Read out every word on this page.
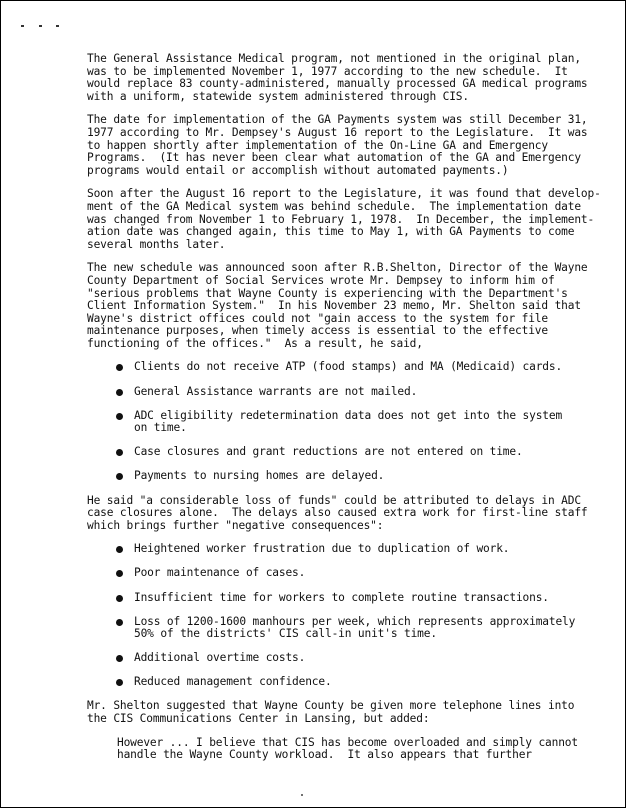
The General Assistance Medical program, not mentioned in the original plan,
was to be implemented November 1, 1977 according to the new schedule.  It
would replace 83 county-administered, manually processed GA medical programs
with a uniform, statewide system administered through CIS.

The date for implementation of the GA Payments system was still December 31,
1977 according to Mr. Dempsey's August 16 report to the Legislature.  It was
to happen shortly after implementation of the On-Line GA and Emergency
Programs.  (It has never been clear what automation of the GA and Emergency
programs would entail or accomplish without automated payments.)

Soon after the August 16 report to the Legislature, it was found that develop-
ment of the GA Medical system was behind schedule.  The implementation date
was changed from November 1 to February 1, 1978.  In December, the implement-
ation date was changed again, this time to May 1, with GA Payments to come
several months later.

The new schedule was announced soon after R.B.Shelton, Director of the Wayne
County Department of Social Services wrote Mr. Dempsey to inform him of
"serious problems that Wayne County is experiencing with the Department's
Client Information System."  In his November 23 memo, Mr. Shelton said that
Wayne's district offices could not "gain access to the system for file
maintenance purposes, when timely access is essential to the effective
functioning of the offices."  As a result, he said,

Clients do not receive ATP (food stamps) and MA (Medicaid) cards.
General Assistance warrants are not mailed.
ADC eligibility redetermination data does not get into the system
on time.
Case closures and grant reductions are not entered on time.
Payments to nursing homes are delayed.

He said "a considerable loss of funds" could be attributed to delays in ADC
case closures alone.  The delays also caused extra work for first-line staff
which brings further "negative consequences":

Heightened worker frustration due to duplication of work.
Poor maintenance of cases.
Insufficient time for workers to complete routine transactions.
Loss of 1200-1600 manhours per week, which represents approximately
50% of the districts' CIS call-in unit's time.
Additional overtime costs.
Reduced management confidence.

Mr. Shelton suggested that Wayne County be given more telephone lines into
the CIS Communications Center in Lansing, but added:

However ... I believe that CIS has become overloaded and simply cannot
handle the Wayne County workload.  It also appears that further
